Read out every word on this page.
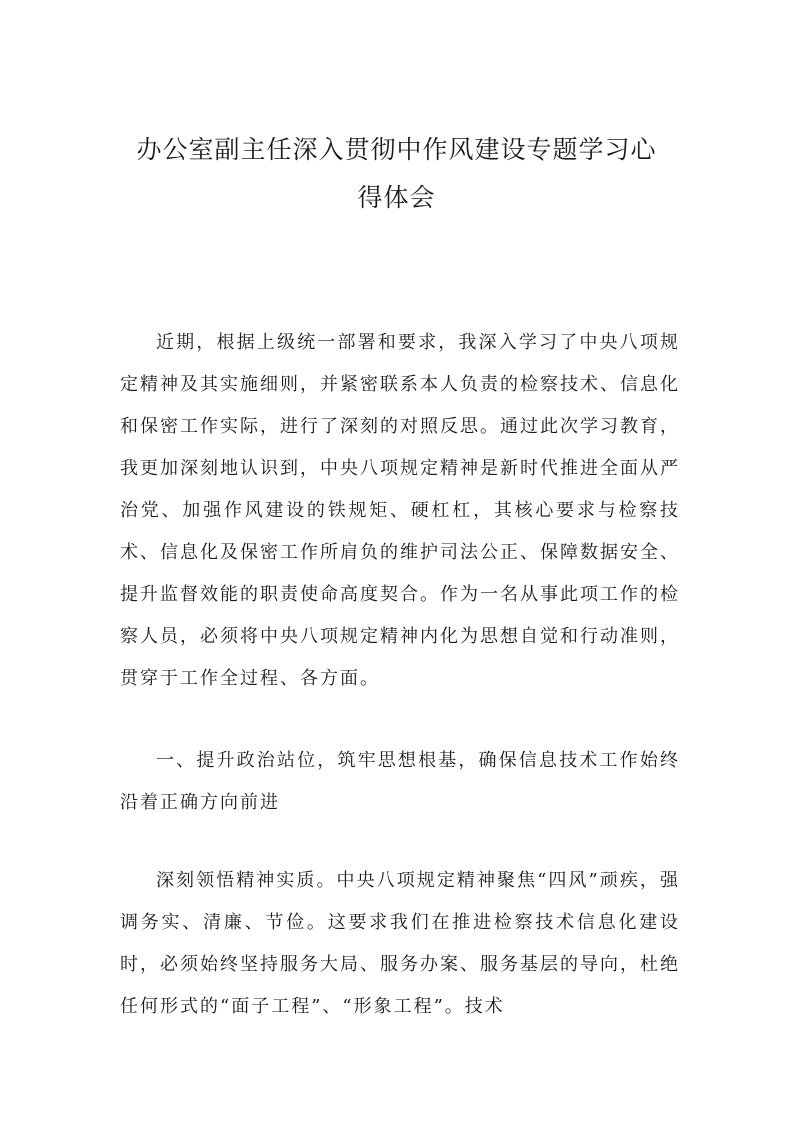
办公室副主任深入贯彻中作风建设专题学习心
得体会

近期，根据上级统一部署和要求，我深入学习了中央八项规定精神及其实施细则，并紧密联系本人负责的检察技术、信息化和保密工作实际，进行了深刻的对照反思。通过此次学习教育，我更加深刻地认识到，中央八项规定精神是新时代推进全面从严治党、加强作风建设的铁规矩、硬杠杠，其核心要求与检察技术、信息化及保密工作所肩负的维护司法公正、保障数据安全、提升监督效能的职责使命高度契合。作为一名从事此项工作的检察人员，必须将中央八项规定精神内化为思想自觉和行动准则，贯穿于工作全过程、各方面。

一、提升政治站位，筑牢思想根基，确保信息技术工作始终沿着正确方向前进

深刻领悟精神实质。中央八项规定精神聚焦“四风”顽疾，强调务实、清廉、节俭。这要求我们在推进检察技术信息化建设时，必须始终坚持服务大局、服务办案、服务基层的导向，杜绝任何形式的“面子工程”、“形象工程”。技术
